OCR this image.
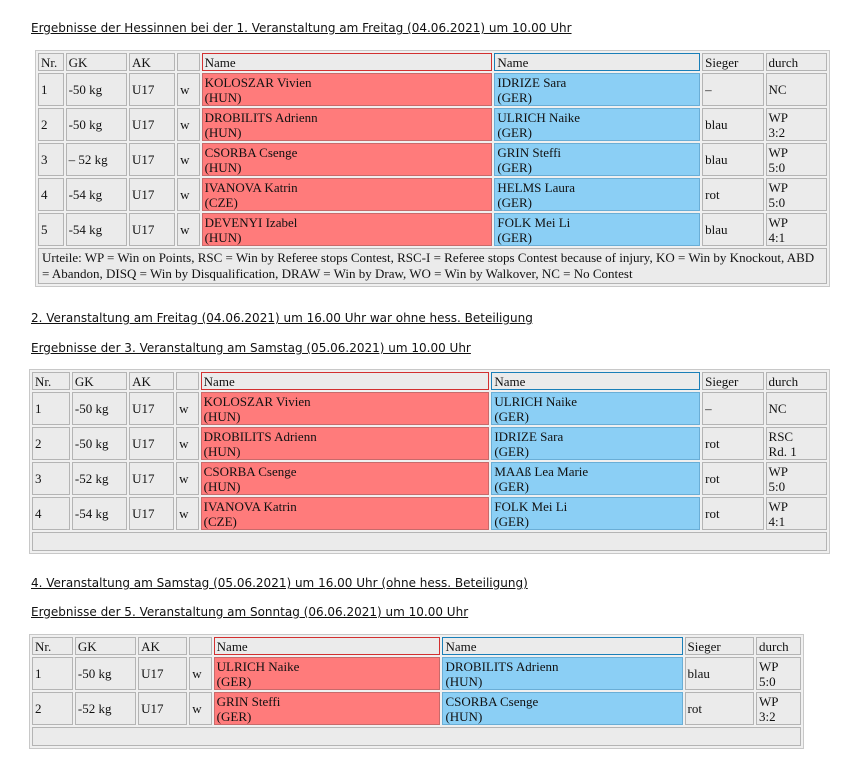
Ergebnisse der Hessinnen bei der 1. Veranstaltung am Freitag (04.06.2021) um 10.00 Uhr
2. Veranstaltung am Freitag (04.06.2021) um 16.00 Uhr war ohne hess. Beteiligung
Ergebnisse der 3. Veranstaltung am Samstag (05.06.2021) um 10.00 Uhr
4. Veranstaltung am Samstag (05.06.2021) um 16.00 Uhr (ohne hess. Beteiligung)
Ergebnisse der 5. Veranstaltung am Sonntag (06.06.2021) um 10.00 Uhr
Nr.	GK	AK		Name	Name	Sieger	durch
1	-50 kg	U17	w	KOLOSZAR Vivien
(HUN)	IDRIZE Sara
(GER)	–	NC

2	-50 kg	U17	w	DROBILITS Adrienn
(HUN)	ULRICH Naike
(GER)	blau	WP
3:2

3	– 52 kg	U17	w	CSORBA Csenge
(HUN)	GRIN Steffi
(GER)	blau	WP
5:0

4	-54 kg	U17	w	IVANOVA Katrin
(CZE)	HELMS Laura
(GER)	rot	WP
5:0

5	-54 kg	U17	w	DEVENYI Izabel
(HUN)	FOLK Mei Li
(GER)	blau	WP
4:1

Urteile: WP = Win on Points, RSC = Win by Referee stops Contest, RSC-I = Referee stops Contest because of injury, KO = Win by Knockout, ABD = Abandon, DISQ = Win by Disqualification, DRAW = Win by Draw, WO = Win by Walkover, NC = No Contest							
Nr.	GK	AK		Name	Name	Sieger	durch
1	-50 kg	U17	w	KOLOSZAR Vivien
(HUN)	ULRICH Naike
(GER)	–	NC

2	-50 kg	U17	w	DROBILITS Adrienn
(HUN)	IDRIZE Sara
(GER)	rot	RSC
Rd. 1

3	-52 kg	U17	w	CSORBA Csenge
(HUN)	MAAß Lea Marie
(GER)	rot	WP
5:0

4	-54 kg	U17	w	IVANOVA Katrin
(CZE)	FOLK Mei Li
(GER)	rot	WP
4:1

Nr.	GK	AK		Name	Name	Sieger	durch
1	-50 kg	U17	w	ULRICH Naike
(GER)	DROBILITS Adrienn
(HUN)	blau	WP
5:0

2	-52 kg	U17	w	GRIN Steffi
(GER)	CSORBA Csenge
(HUN)	rot	WP
3:2
